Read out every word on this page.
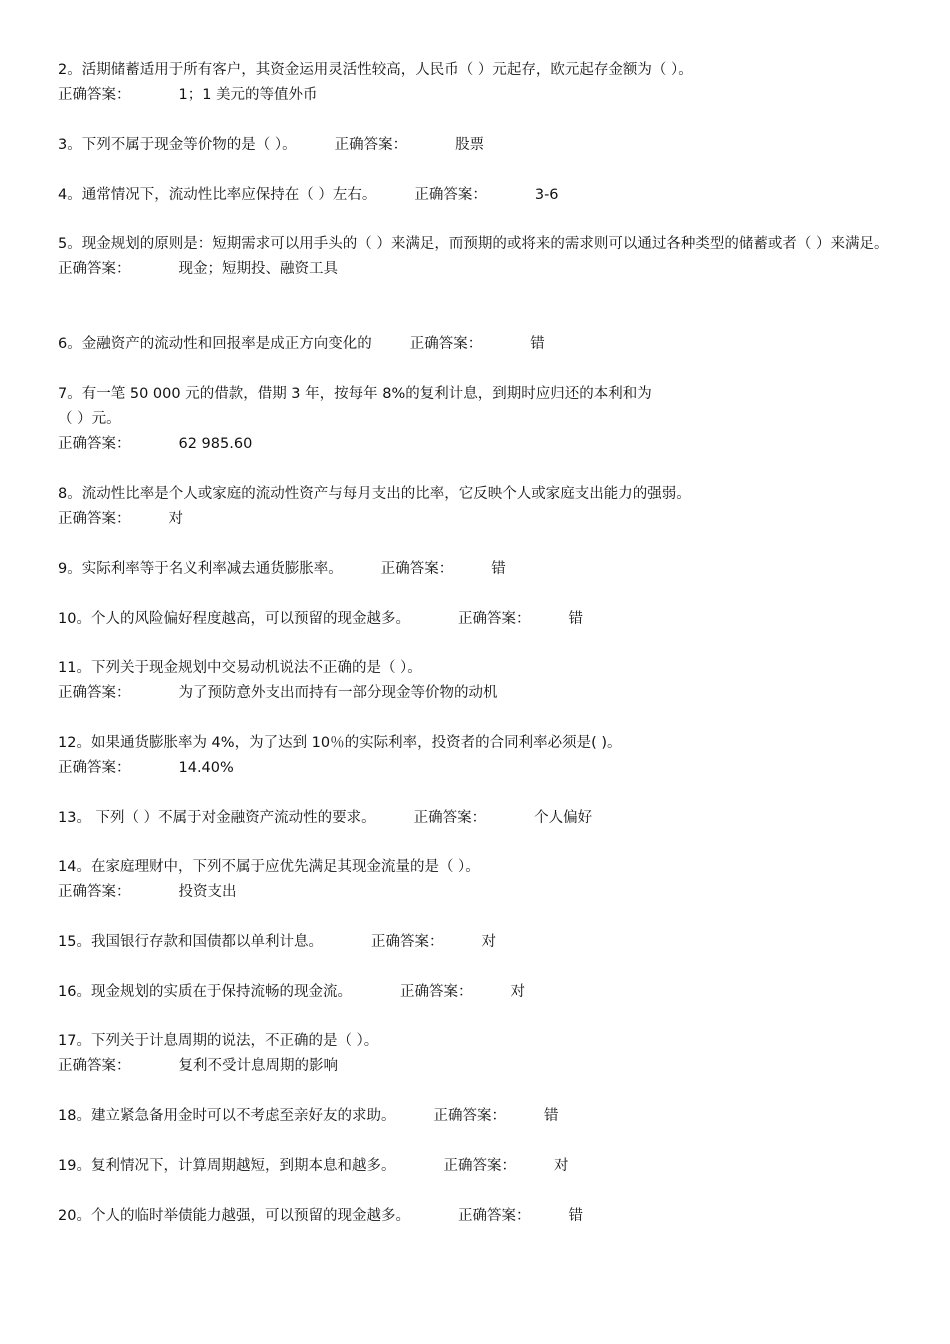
2。活期储蓄适用于所有客户，其资金运用灵活性较高，人民币（ ）元起存，欧元起存金额为（ ）。
正确答案：	1；1 美元的等值外币
3。下列不属于现金等价物的是（ ）。	正确答案：	股票
4。通常情况下，流动性比率应保持在（ ）左右。	正确答案：	3-6
5。现金规划的原则是：短期需求可以用手头的（ ）来满足，而预期的或将来的需求则可以通过各种类型的储蓄或者（ ）来满足。
正确答案：	现金；短期投、融资工具
6。金融资产的流动性和回报率是成正方向变化的	正确答案：	错
7。有一笔 50 000 元的借款，借期 3 年，按每年 8%的复利计息，到期时应归还的本利和为
（ ）元。
正确答案：	62 985.60
8。流动性比率是个人或家庭的流动性资产与每月支出的比率，它反映个人或家庭支出能力的强弱。
正确答案：	对
9。实际利率等于名义利率减去通货膨胀率。	正确答案：	错
10。个人的风险偏好程度越高，可以预留的现金越多。	正确答案：	错
11。下列关于现金规划中交易动机说法不正确的是（ ）。
正确答案：	为了预防意外支出而持有一部分现金等价物的动机
12。如果通货膨胀率为 4%，为了达到 10％的实际利率，投资者的合同利率必须是( )。
正确答案：	14.40%
13。 下列（ ）不属于对金融资产流动性的要求。	正确答案：	个人偏好
14。在家庭理财中，下列不属于应优先满足其现金流量的是（ ）。
正确答案：	投资支出
15。我国银行存款和国债都以单利计息。	正确答案：	对
16。现金规划的实质在于保持流畅的现金流。	正确答案：	对
17。下列关于计息周期的说法，不正确的是（ ）。
正确答案：	复利不受计息周期的影响
18。建立紧急备用金时可以不考虑至亲好友的求助。	正确答案：	错
19。复利情况下，计算周期越短，到期本息和越多。	正确答案：	对
20。个人的临时举债能力越强，可以预留的现金越多。	正确答案：	错
